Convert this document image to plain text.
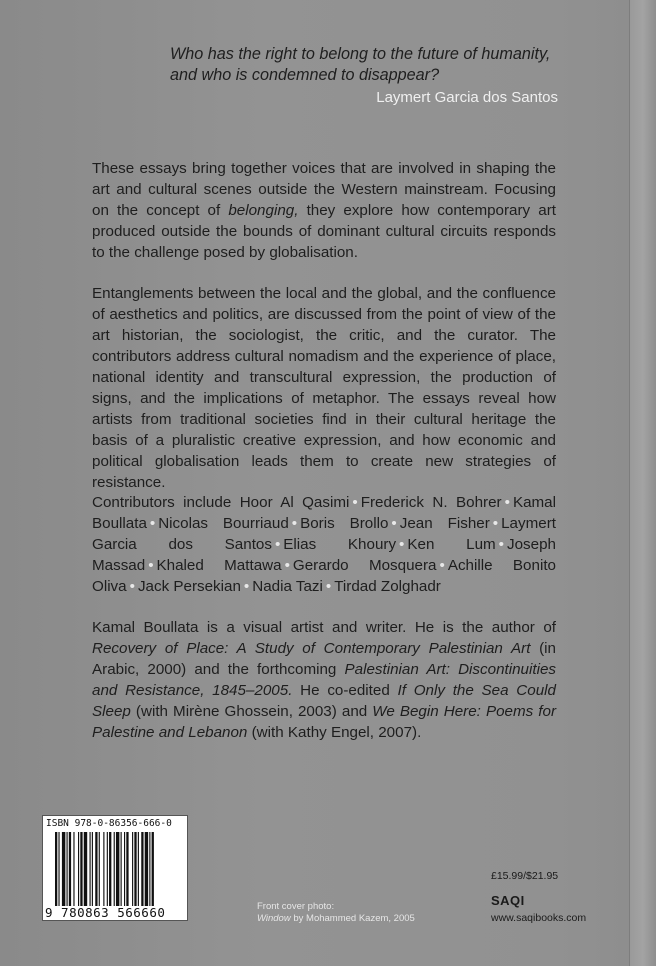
Who has the right to belong to the future of humanity,
and who is condemned to disappear?
Laymert Garcia dos Santos
These essays bring together voices that are involved in shaping the art and cultural scenes outside the Western mainstream. Focusing on the concept of belonging, they explore how contemporary art produced outside the bounds of dominant cultural circuits responds to the challenge posed by globalisation.
Entanglements between the local and the global, and the confluence of aesthetics and politics, are discussed from the point of view of the art historian, the sociologist, the critic, and the curator. The contributors address cultural nomadism and the experience of place, national identity and transcultural expression, the production of signs, and the implications of metaphor. The essays reveal how artists from traditional societies find in their cultural heritage the basis of a pluralistic creative expression, and how economic and political globalisation leads them to create new strategies of resistance.
Contributors include Hoor Al Qasimi • Frederick N. Bohrer • Kamal Boullata • Nicolas Bourriaud • Boris Brollo • Jean Fisher • Laymert Garcia dos Santos • Elias Khoury • Ken Lum • Joseph Massad • Khaled Mattawa • Gerardo Mosquera • Achille Bonito Oliva • Jack Persekian • Nadia Tazi • Tirdad Zolghadr
Kamal Boullata is a visual artist and writer. He is the author of Recovery of Place: A Study of Contemporary Palestinian Art (in Arabic, 2000) and the forthcoming Palestinian Art: Discontinuities and Resistance, 1845–2005. He co-edited If Only the Sea Could Sleep (with Mirène Ghossein, 2003) and We Begin Here: Poems for Palestine and Lebanon (with Kathy Engel, 2007).
ISBN 978-0-86356-666-0
9 780863 566660	Front cover photo:
Window by Mohammed Kazem, 2005
£15.99/$21.95
SAQI
www.saqibooks.com
